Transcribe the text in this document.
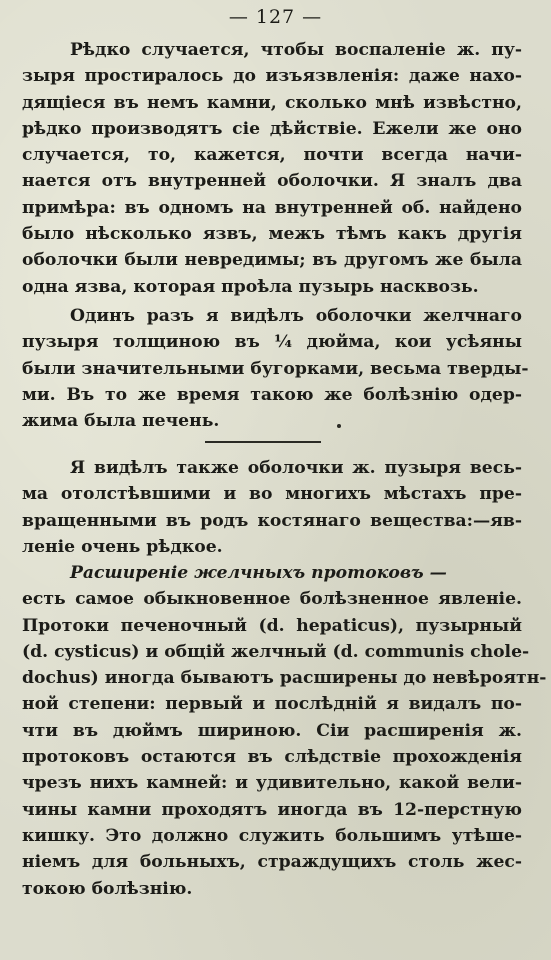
— 127 —
Рѣдко случается, чтобы воспаленіе ж. пу-
зыря простиралось до изъязвленія: даже нахо-
дящіеся въ немъ камни, сколько мнѣ извѣстно,
рѣдко производятъ сіе дѣйствіе. Ежели же оно
случается, то, кажется, почти всегда начи-
нается отъ внутренней оболочки. Я зналъ два
примѣра: въ одномъ на внутренней об. найдено
было нѣсколько язвъ, межъ тѣмъ какъ другія
оболочки были невредимы; въ другомъ же была
одна язва, которая проѣла пузырь насквозь.
Одинъ разъ я видѣлъ оболочки желчнаго
пузыря толщиною въ ¼ дюйма, кои усѣяны
были значительными бугорками, весьма тверды-
ми. Въ то же время такою же болѣзнію одер-
жима была печень.
Я видѣлъ также оболочки ж. пузыря весь-
ма отолстѣвшими и во многихъ мѣстахъ пре-
вращенными въ родъ костянаго вещества:—яв-
леніе очень рѣдкое.
Расширеніе желчныхъ протоковъ —
есть самое обыкновенное болѣзненное явленіе.
Протоки печеночный (d. hepaticus), пузырный
(d. cysticus) и общій желчный (d. communis chole-
dochus) иногда бываютъ расширены до невѣроятн-
ной степени: первый и послѣдній я видалъ по-
чти въ дюймъ шириною. Сіи расширенія ж.
протоковъ остаются въ слѣдствіе прохожденія
чрезъ нихъ камней: и удивительно, какой вели-
чины камни проходятъ иногда въ 12-перстную
кишку. Это должно служить большимъ утѣше-
ніемъ для больныхъ, страждущихъ столь жес-
токою болѣзнію.
